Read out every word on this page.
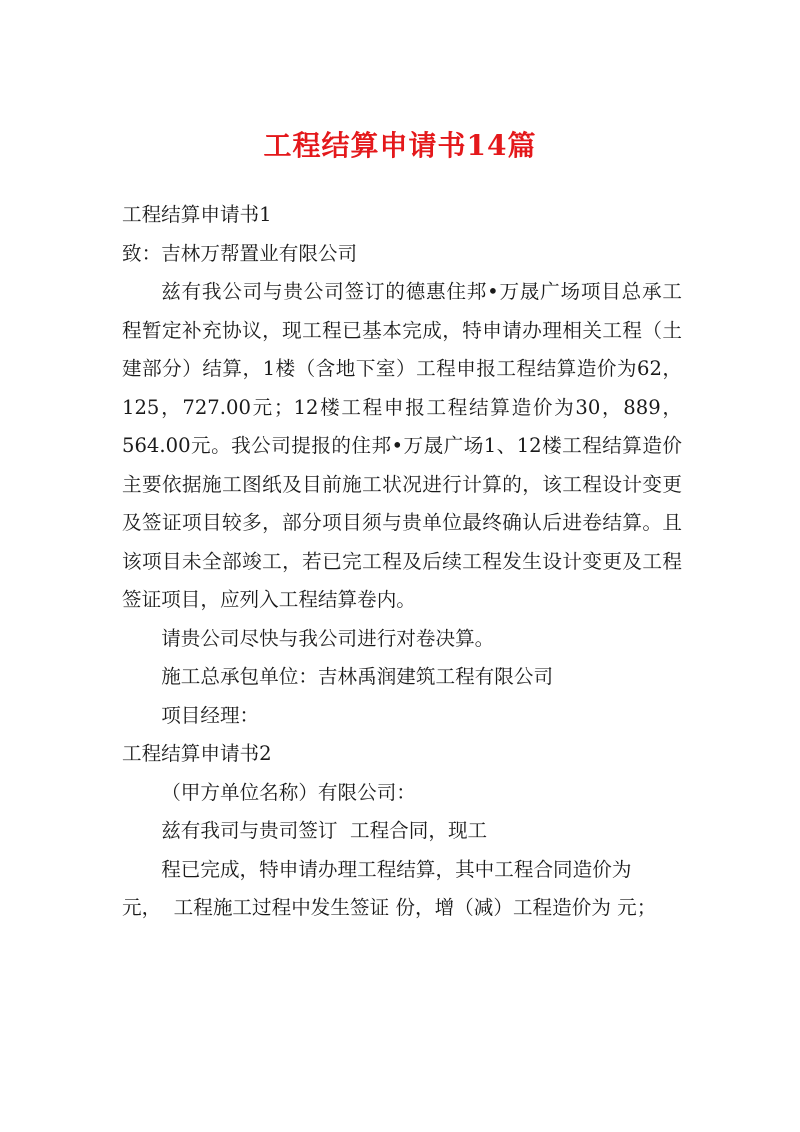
工程结算申请书14篇

工程结算申请书1

致：吉林万帮置业有限公司

兹有我公司与贵公司签订的德惠住邦•万晟广场项目总承工程暂定补充协议，现工程已基本完成，特申请办理相关工程（土建部分）结算，1楼（含地下室）工程申报工程结算造价为62，125，727.00元；12楼工程申报工程结算造价为30，889，564.00元。我公司提报的住邦•万晟广场1、12楼工程结算造价主要依据施工图纸及目前施工状况进行计算的，该工程设计变更及签证项目较多，部分项目须与贵单位最终确认后进卷结算。且该项目未全部竣工，若已完工程及后续工程发生设计变更及工程签证项目，应列入工程结算卷内。

请贵公司尽快与我公司进行对卷决算。

施工总承包单位：吉林禹润建筑工程有限公司

项目经理：

工程结算申请书2

（甲方单位名称）有限公司：

兹有我司与贵司签订  工程合同，现工

程已完成，特申请办理工程结算，其中工程合同造价为

元，  工程施工过程中发生签证 份，增（减）工程造价为 元；
